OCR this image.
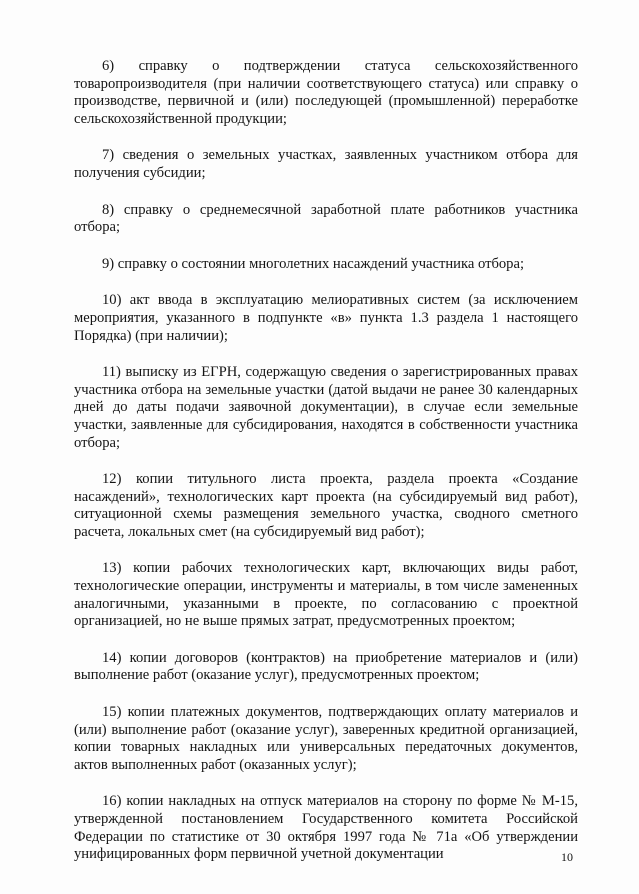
6) справку о подтверждении статуса сельскохозяйственного товаропроизводителя (при наличии соответствующего статуса) или справку о производстве, первичной и (или) последующей (промышленной) переработке сельскохозяйственной продукции;

7) сведения о земельных участках, заявленных участником отбора для получения субсидии;

8) справку о среднемесячной заработной плате работников участника отбора;

9) справку о состоянии многолетних насаждений участника отбора;

10) акт ввода в эксплуатацию мелиоративных систем (за исключением мероприятия, указанного в подпункте «в» пункта 1.3 раздела 1 настоящего Порядка) (при наличии);

11) выписку из ЕГРН, содержащую сведения о зарегистрированных правах участника отбора на земельные участки (датой выдачи не ранее 30 календарных дней до даты подачи заявочной документации), в случае если земельные участки, заявленные для субсидирования, находятся в собственности участника отбора;

12) копии титульного листа проекта, раздела проекта «Создание насаждений», технологических карт проекта (на субсидируемый вид работ), ситуационной схемы размещения земельного участка, сводного сметного расчета, локальных смет (на субсидируемый вид работ);

13) копии рабочих технологических карт, включающих виды работ, технологические операции, инструменты и материалы, в том числе замененных аналогичными, указанными в проекте, по согласованию с проектной организацией, но не выше прямых затрат, предусмотренных проектом;

14) копии договоров (контрактов) на приобретение материалов и (или) выполнение работ (оказание услуг), предусмотренных проектом;

15) копии платежных документов, подтверждающих оплату материалов и (или) выполнение работ (оказание услуг), заверенных кредитной организацией, копии товарных накладных или универсальных передаточных документов, актов выполненных работ (оказанных услуг);

16) копии накладных на отпуск материалов на сторону по форме № М-15, утвержденной постановлением Государственного комитета Российской Федерации по статистике от 30 октября 1997 года № 71а «Об утверждении унифицированных форм первичной учетной документации	10
